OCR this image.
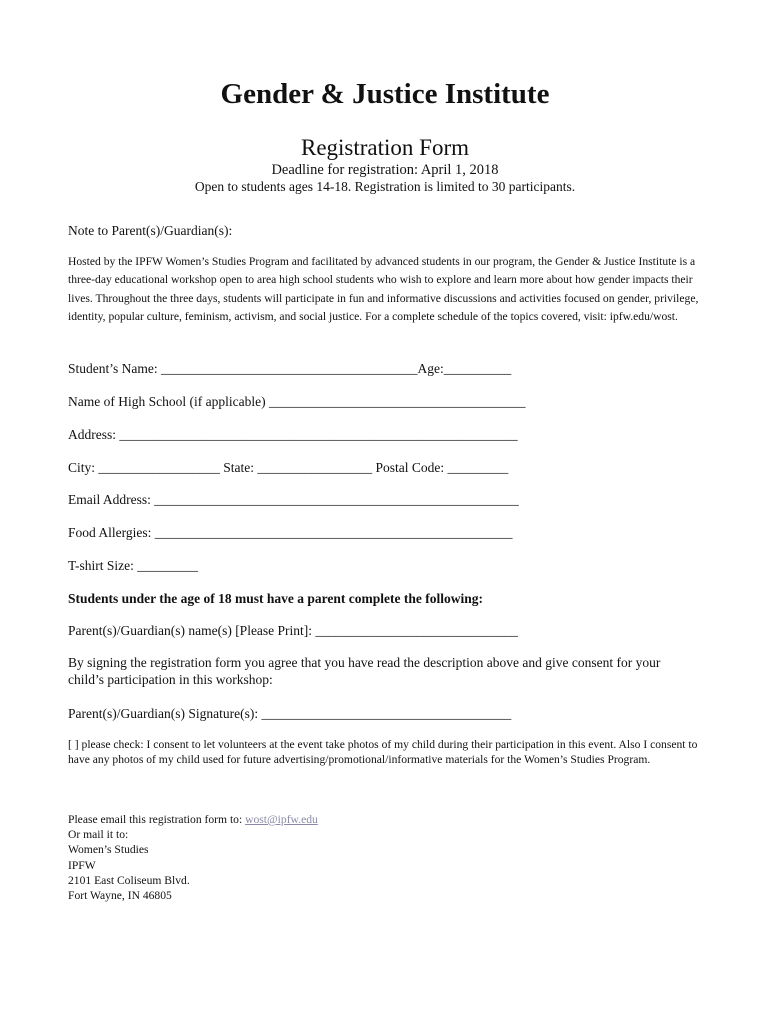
Gender & Justice Institute
Registration Form
Deadline for registration: April 1, 2018
Open to students ages 14-18. Registration is limited to 30 participants.
Note to Parent(s)/Guardian(s):
Hosted by the IPFW Women’s Studies Program and facilitated by advanced students in our program, the Gender & Justice Institute is a three-day educational workshop open to area high school students who wish to explore and learn more about how gender impacts their lives. Throughout the three days, students will participate in fun and informative discussions and activities focused on gender, privilege, identity, popular culture, feminism, activism, and social justice. For a complete schedule of the topics covered, visit: ipfw.edu/wost.
Student’s Name: ______________________________________Age:__________
Name of High School (if applicable) ______________________________________
Address: ___________________________________________________________
City: __________________ State: _________________ Postal Code: _________
Email Address: ______________________________________________________
Food Allergies: _____________________________________________________
T-shirt Size: _________
Students under the age of 18 must have a parent complete the following:
Parent(s)/Guardian(s) name(s) [Please Print]: ______________________________
By signing the registration form you agree that you have read the description above and give consent for your child’s participation in this workshop:
Parent(s)/Guardian(s) Signature(s): _____________________________________
[ ] please check: I consent to let volunteers at the event take photos of my child during their participation in this event. Also I consent to have any photos of my child used for future advertising/promotional/informative materials for the Women’s Studies Program.
Please email this registration form to: wost@ipfw.edu
Or mail it to:
Women’s Studies
IPFW
2101 East Coliseum Blvd.
Fort Wayne, IN 46805
